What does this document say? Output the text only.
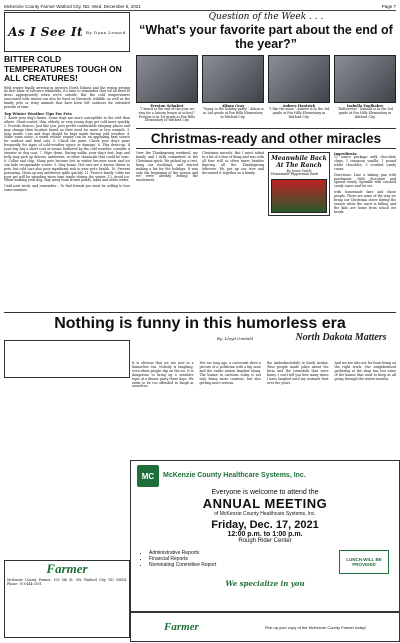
McKenzie County Farmer Watford City, ND, Wed, December 6, 2021	Page 7
As I See It By Dana Lenard
BITTER COLD TEMPERATURES TOUGH ON ALL CREATURES!
With winter finally arriving in western North Dakota and the region getting its first blast of sub-zero windchills, it's time to remember that we all need to dress appropriately when we're outside. But the cold temperatures associated with winter can also be hard on livestock, wildlife, as well as the family pets or stray animals that have been left outdoors for extended periods of time.
Top Winter Weather Tips For Pets
1. Know your dog's limits. Some dogs are more susceptible to the cold than others. Short-coated, thin, elderly, or very young dogs get cold more quickly. 2. Provide choices. Just like you, pets prefer comfortable sleeping places and may change their location based on their need for more or less warmth. 3. Stay inside. Cats and dogs should be kept inside during cold weather. 4. Make some noise. A warm vehicle engine can be an appealing heat source for outdoor and feral cats. 5. Check the paws. Check your dog's paws frequently for signs of cold-weather injury or damage. 6. Play dress-up. If your dog has a short coat or seems bothered by the cold weather, consider a sweater or dog coat. 7. Wipe down. During walks, your dog's feet, legs and belly may pick up deicers, antifreeze, or other chemicals that could be toxic. 8. Collar and chip. Many pets become lost in winter because snow and ice can hide recognizable scents. 9. Stay home. Hot cars are a known threat to pets, but cold cars also pose significant risk to your pet's health. 10. Prevent poisoning. Clean up any antifreeze spills quickly. 11. Protect family. Odds are your pet will be spending more time inside during the winter. 12. Avoid ice. When walking your dog, stay away from frozen ponds, lakes and other water.
Until next week, and remember – To find friends you must be willing to lose some enemies.
Question of the Week . . .
“What's your favorite part about the end of the year?”
Preston Schnfert
“I heard at the end of the year we stay for a history lesson at school.” Preston is in 1st grade at Fox Hills Elementary in Watford City.
Alison Gray
“Going to the holiday party!” Alison is in 2nd grade at Fox Hills Elementary in Watford City.
Aubree Hentrick
“I like the snow.” Aubree is in the 3rd grade at Fox Hills Elementary in Watford City.
Izabella Foulhaber
“Halloween!” Izabella is in the 3rd grade at Fox Hills Elementary in Watford City.
Christmas-ready and other miracles
Over the Thanksgiving weekend, my family and I fully committed to the Christmas spirit. We picked up a tree, hung our stockings, and started making a list for the holidays. It was only the beginning of the season and we were already feeling the excitement.
Christmas miracle. But I must admit to a bit of a fear of thing and was with all four still so often times besides figuring all the Thanksgiving leftovers. We put up our tree and decorated it together as a family.
Meanwhile Back At The Ranch
By Jamie Vestle
Homemade Peppermint Bark
Ingredients:
12 ounce package milk chocolate chips; 1 teaspoon vanilla; 1 pound white chocolate; 3 crushed candy canes.
Directions: Line a baking pan with parchment. Melt chocolate and spread evenly. Sprinkle with crushed candy canes and let set.
with homemade bars and those people. There are some of the way we bring our Christmas cheer during the season when the snow is falling and the kids are home from school for break.
Nothing is funny in this humorless era
By: Lloyd Omdahl	North Dakota Matters
It is obvious that we are now in a humorless era. Nobody is laughing, even when people slip on the ice. It is dangerous to bring up a sensitive topic at a dinner party these days. We seem to be too offended to laugh at ourselves.
Not too long ago, a cartoonist drew a picture of a politician with a big nose and the entire nation laughed along. The humor in cartoons today is not only being more cautious, but also getting more serious.
the Amhedrachahily in Saudi Arabia. Wise people made jokes about the farm and the townsfolk that were funny. I can't tell you how many times I have laughed until my stomach hurt over the years.
And we are also not far from being on the right track. Our neighborhood gathering at the shop has lost some of the humor that used to keep us all going through the winter months.
MC	McKenzie County Healthcare Systems, Inc.
Everyone is welcome to attend the
ANNUAL MEETING
of McKenzie County Healthcare Systems, Inc.
Friday, Dec. 17, 2021
12:00 p.m. to 1:00 p.m.
Rough Rider Center
• Administrative Reports
• Financial Reports
• Nominating Committee Report
LUNCH WILL BE PROVIDED
We specialize in you
Farmer
McKenzie County Farmer, 109 5th St. SW, Watford City, ND 58854. Phone: 701-444-3301.
Farmer	Pick up your copy of the McKenzie County Farmer today!
